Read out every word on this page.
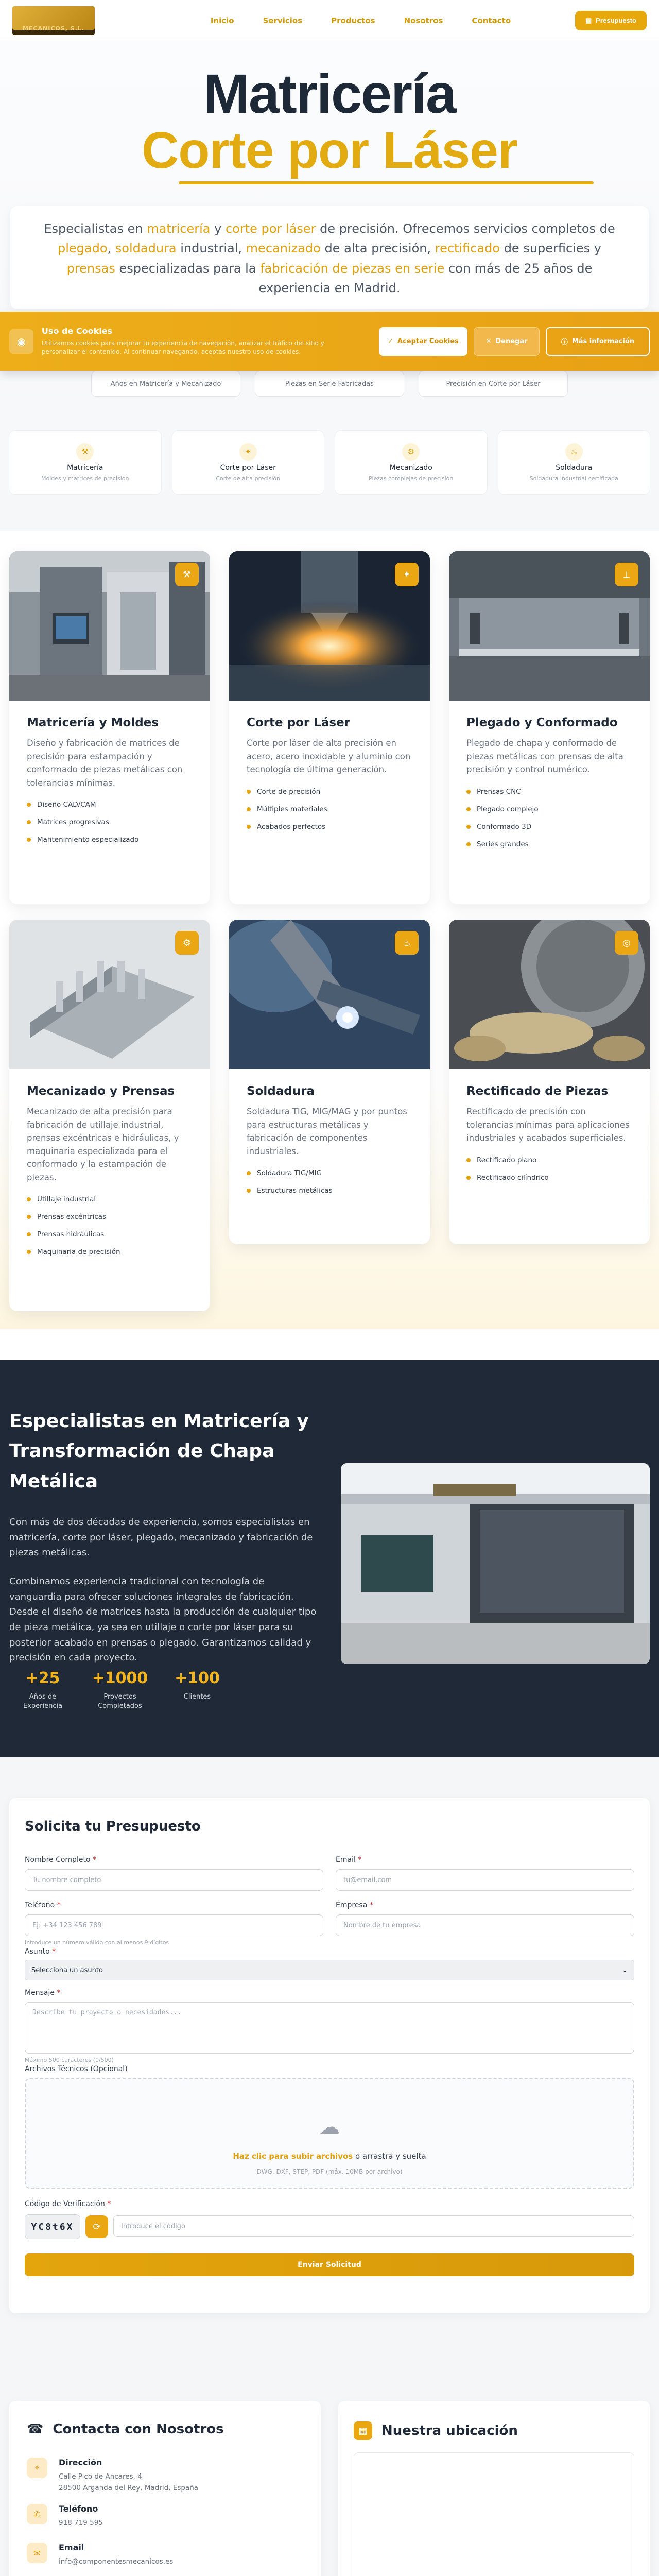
MECANICOS, S.L.
Inicio	Servicios	Productos	Nosotros	Contacto	▤ Presupuesto
Matricería
Corte por Láser

Especialistas en matricería y corte por láser de precisión. Ofrecemos servicios completos de plegado, soldadura industrial, mecanizado de alta precisión, rectificado de superficies y prensas especializadas para la fabricación de piezas en serie con más de 25 años de experiencia en Madrid.

Años en Matricería y Mecanizado	Piezas en Serie Fabricadas	Precisión en Corte por Láser
⚒
Matricería
Moldes y matrices de precisión
✦
Corte por Láser
Corte de alta precisión
⚙
Mecanizado
Piezas complejas de precisión
♨
Soldadura
Soldadura industrial certificada
◉
Uso de Cookies
Utilizamos cookies para mejorar tu experiencia de navegación, analizar el tráfico del sitio y personalizar el contenido. Al continuar navegando, aceptas nuestro uso de cookies.
✓ Aceptar Cookies	✕ Denegar	ⓘ Más información
⚒
Matricería y Moldes
Diseño y fabricación de matrices de precisión para estampación y conformado de piezas metálicas con tolerancias mínimas.
Diseño CAD/CAM
Matrices progresivas
Mantenimiento especializado
✦
Corte por Láser
Corte por láser de alta precisión en acero, acero inoxidable y aluminio con tecnología de última generación.
Corte de precisión
Múltiples materiales
Acabados perfectos
⟂
Plegado y Conformado
Plegado de chapa y conformado de piezas metálicas con prensas de alta precisión y control numérico.
Prensas CNC
Plegado complejo
Conformado 3D
Series grandes
⚙
Mecanizado y Prensas
Mecanizado de alta precisión para fabricación de utillaje industrial, prensas excéntricas e hidráulicas, y maquinaria especializada para el conformado y la estampación de piezas.
Utillaje industrial
Prensas excéntricas
Prensas hidráulicas
Maquinaria de precisión
♨
Soldadura
Soldadura TIG, MIG/MAG y por puntos para estructuras metálicas y fabricación de componentes industriales.
Soldadura TIG/MIG
Estructuras metálicas
◎
Rectificado de Piezas
Rectificado de precisión con tolerancias mínimas para aplicaciones industriales y acabados superficiales.
Rectificado plano
Rectificado cilíndrico
Especialistas en Matricería y Transformación de Chapa Metálica

Con más de dos décadas de experiencia, somos especialistas en matricería, corte por láser, plegado, mecanizado y fabricación de piezas metálicas.

Combinamos experiencia tradicional con tecnología de vanguardia para ofrecer soluciones integrales de fabricación. Desde el diseño de matrices hasta la producción de cualquier tipo de pieza metálica, ya sea en utillaje o corte por láser para su posterior acabado en prensas o plegado. Garantizamos calidad y precisión en cada proyecto.

+25
Años de Experiencia
+1000
Proyectos Completados
+100
Clientes
Solicita tu Presupuesto
Nombre Completo *
Tu nombre completo
Email *
tu@email.com
Teléfono *
Ej: +34 123 456 789
Introduce un número válido con al menos 9 dígitos
Empresa *
Nombre de tu empresa
Asunto *
Selecciona un asunto	⌄
Mensaje *
Describe tu proyecto o necesidades...
Máximo 500 caracteres (0/500)
Archivos Técnicos (Opcional)
☁
Haz clic para subir archivos o arrastra y suelta
DWG, DXF, STEP, PDF (máx. 10MB por archivo)
Código de Verificación *
YC8t6X	⟳	Introduce el código
Enviar Solicitud
☎ Contacta con Nosotros
⌖
Dirección
Calle Pico de Ancares, 4
28500 Arganda del Rey, Madrid, España
✆
Teléfono
918 719 595
✉
Email
info@componentesmecanicos.es
▦	Nuestra ubicación
